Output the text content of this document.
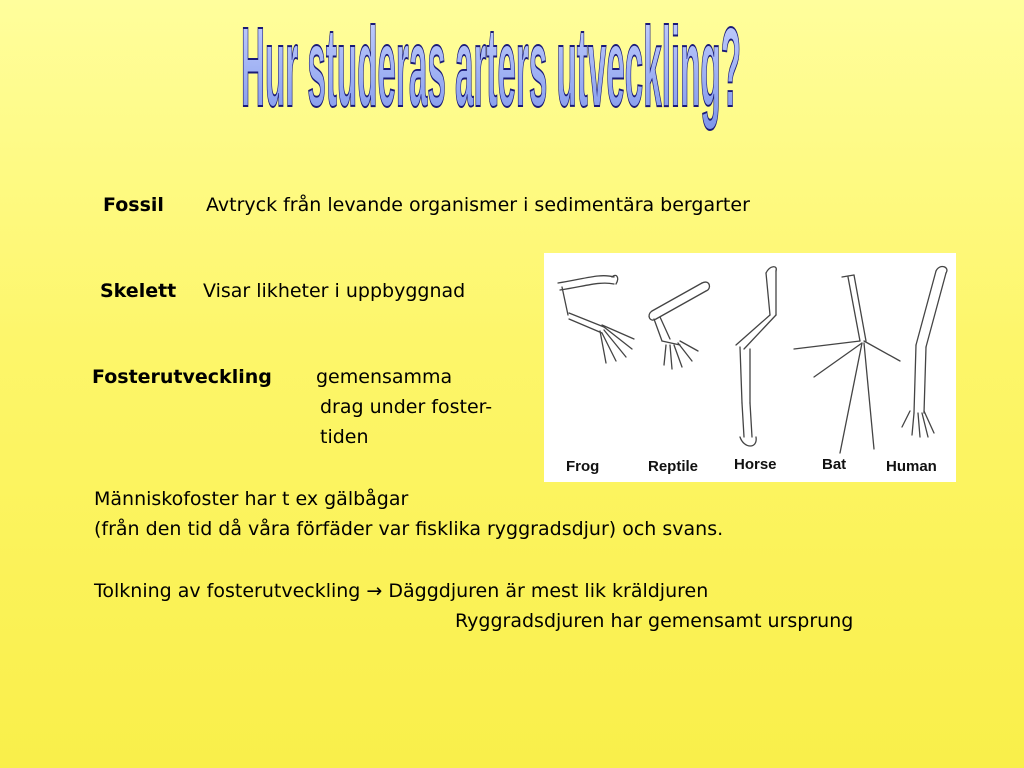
Hur studeras arters utveckling?
Fossil Avtryck från levande organismer i sedimentära bergarter
Skelett Visar likheter i uppbyggnad
Fosterutveckling gemensamma
drag under foster-
tiden
Människofoster har t ex gälbågar
(från den tid då våra förfäder var fisklika ryggradsdjur) och svans.
Tolkning av fosterutveckling → Däggdjuren är mest lik kräldjuren
Ryggradsdjuren har gemensamt ursprung
Frog	Reptile Horse	Bat	Human
